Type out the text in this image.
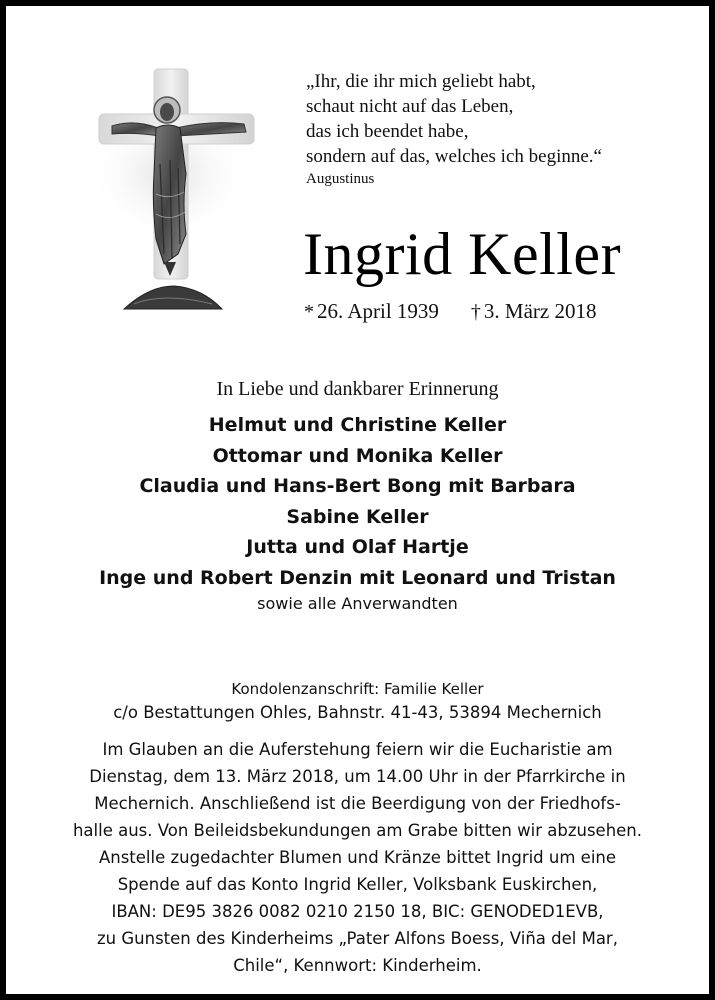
„Ihr, die ihr mich geliebt habt,
schaut nicht auf das Leben,
das ich beendet habe,
sondern auf das, welches ich beginne.“
Augustinus
Ingrid Keller
* 26. April 1939 † 3. März 2018
In Liebe und dankbarer Erinnerung
Helmut und Christine Keller
Ottomar und Monika Keller
Claudia und Hans-Bert Bong mit Barbara
Sabine Keller
Jutta und Olaf Hartje
Inge und Robert Denzin mit Leonard und Tristan
sowie alle Anverwandten
Kondolenzanschrift: Familie Keller
c/o Bestattungen Ohles, Bahnstr. 41-43, 53894 Mechernich
Im Glauben an die Auferstehung feiern wir die Eucharistie am
Dienstag, dem 13. März 2018, um 14.00 Uhr in der Pfarrkirche in
Mechernich. Anschließend ist die Beerdigung von der Friedhofs-
halle aus. Von Beileidsbekundungen am Grabe bitten wir abzusehen.
Anstelle zugedachter Blumen und Kränze bittet Ingrid um eine
Spende auf das Konto Ingrid Keller, Volksbank Euskirchen,
IBAN: DE95 3826 0082 0210 2150 18, BIC: GENODED1EVB,
zu Gunsten des Kinderheims „Pater Alfons Boess, Viña del Mar,
Chile“, Kennwort: Kinderheim.
